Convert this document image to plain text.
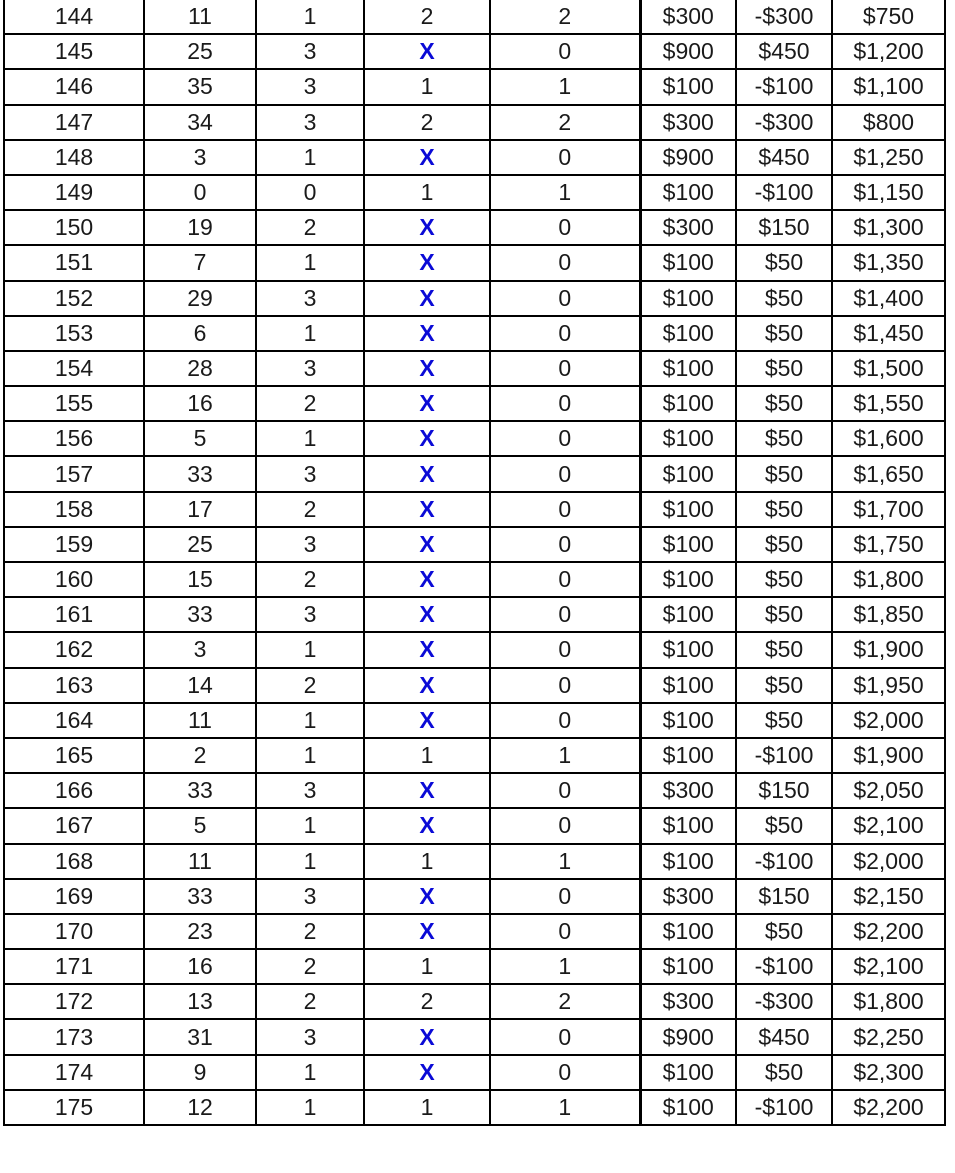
144	11	1	2	2	$300	-$300	$750
145	25	3	X	0	$900	$450	$1,200
146	35	3	1	1	$100	-$100	$1,100
147	34	3	2	2	$300	-$300	$800
148	3	1	X	0	$900	$450	$1,250
149	0	0	1	1	$100	-$100	$1,150
150	19	2	X	0	$300	$150	$1,300
151	7	1	X	0	$100	$50	$1,350
152	29	3	X	0	$100	$50	$1,400
153	6	1	X	0	$100	$50	$1,450
154	28	3	X	0	$100	$50	$1,500
155	16	2	X	0	$100	$50	$1,550
156	5	1	X	0	$100	$50	$1,600
157	33	3	X	0	$100	$50	$1,650
158	17	2	X	0	$100	$50	$1,700
159	25	3	X	0	$100	$50	$1,750
160	15	2	X	0	$100	$50	$1,800
161	33	3	X	0	$100	$50	$1,850
162	3	1	X	0	$100	$50	$1,900
163	14	2	X	0	$100	$50	$1,950
164	11	1	X	0	$100	$50	$2,000
165	2	1	1	1	$100	-$100	$1,900
166	33	3	X	0	$300	$150	$2,050
167	5	1	X	0	$100	$50	$2,100
168	11	1	1	1	$100	-$100	$2,000
169	33	3	X	0	$300	$150	$2,150
170	23	2	X	0	$100	$50	$2,200
171	16	2	1	1	$100	-$100	$2,100
172	13	2	2	2	$300	-$300	$1,800
173	31	3	X	0	$900	$450	$2,250
174	9	1	X	0	$100	$50	$2,300
175	12	1	1	1	$100	-$100	$2,200
